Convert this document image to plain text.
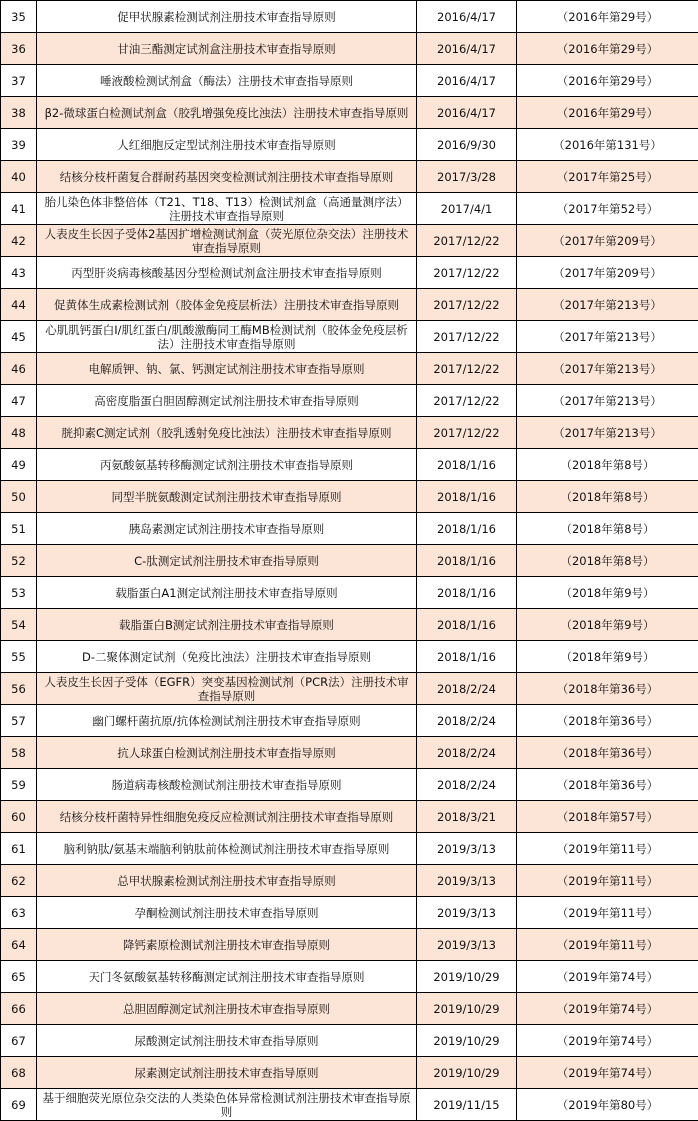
35	促甲状腺素检测试剂注册技术审查指导原则	2016/4/17	（2016年第29号）
36	甘油三酯测定试剂盒注册技术审查指导原则	2016/4/17	（2016年第29号）
37	唾液酸检测试剂盒（酶法）注册技术审查指导原则	2016/4/17	（2016年第29号）
38	β2-微球蛋白检测试剂盒（胶乳增强免疫比浊法）注册技术审查指导原则	2016/4/17	（2016年第29号）
39	人红细胞反定型试剂注册技术审查指导原则	2016/9/30	（2016年第131号）
40	结核分枝杆菌复合群耐药基因突变检测试剂注册技术审查指导原则	2017/3/28	（2017年第25号）
41	胎儿染色体非整倍体（T21、T18、T13）检测试剂盒（高通量测序法）注册技术审查指导原则	2017/4/1	（2017年第52号）
42	人表皮生长因子受体2基因扩增检测试剂盒（荧光原位杂交法）注册技术审查指导原则	2017/12/22	（2017年第209号）
43	丙型肝炎病毒核酸基因分型检测试剂盒注册技术审查指导原则	2017/12/22	（2017年第209号）
44	促黄体生成素检测试剂（胶体金免疫层析法）注册技术审查指导原则	2017/12/22	（2017年第213号）
45	心肌肌钙蛋白I/肌红蛋白/肌酸激酶同工酶MB检测试剂（胶体金免疫层析法）注册技术审查指导原则	2017/12/22	（2017年第213号）
46	电解质钾、钠、氯、钙测定试剂注册技术审查指导原则	2017/12/22	（2017年第213号）
47	高密度脂蛋白胆固醇测定试剂注册技术审查指导原则	2017/12/22	（2017年第213号）
48	胱抑素C测定试剂（胶乳透射免疫比浊法）注册技术审查指导原则	2017/12/22	（2017年第213号）
49	丙氨酸氨基转移酶测定试剂注册技术审查指导原则	2018/1/16	（2018年第8号）
50	同型半胱氨酸测定试剂注册技术审查指导原则	2018/1/16	（2018年第8号）
51	胰岛素测定试剂注册技术审查指导原则	2018/1/16	（2018年第8号）
52	C-肽测定试剂注册技术审查指导原则	2018/1/16	（2018年第8号）
53	载脂蛋白A1测定试剂注册技术审查指导原则	2018/1/16	（2018年第9号）
54	载脂蛋白B测定试剂注册技术审查指导原则	2018/1/16	（2018年第9号）
55	D-二聚体测定试剂（免疫比浊法）注册技术审查指导原则	2018/1/16	（2018年第9号）
56	人表皮生长因子受体（EGFR）突变基因检测试剂（PCR法）注册技术审查指导原则	2018/2/24	（2018年第36号）
57	幽门螺杆菌抗原/抗体检测试剂注册技术审查指导原则	2018/2/24	（2018年第36号）
58	抗人球蛋白检测试剂注册技术审查指导原则	2018/2/24	（2018年第36号）
59	肠道病毒核酸检测试剂注册技术审查指导原则	2018/2/24	（2018年第36号）
60	结核分枝杆菌特异性细胞免疫反应检测试剂注册技术审查指导原则	2018/3/21	（2018年第57号）
61	脑利钠肽/氨基末端脑利钠肽前体检测试剂注册技术审查指导原则	2019/3/13	（2019年第11号）
62	总甲状腺素检测试剂注册技术审查指导原则	2019/3/13	（2019年第11号）
63	孕酮检测试剂注册技术审查指导原则	2019/3/13	（2019年第11号）
64	降钙素原检测试剂注册技术审查指导原则	2019/3/13	（2019年第11号）
65	天门冬氨酸氨基转移酶测定试剂注册技术审查指导原则	2019/10/29	（2019年第74号）
66	总胆固醇测定试剂注册技术审查指导原则	2019/10/29	（2019年第74号）
67	尿酸测定试剂注册技术审查指导原则	2019/10/29	（2019年第74号）
68	尿素测定试剂注册技术审查指导原则	2019/10/29	（2019年第74号）
69	基于细胞荧光原位杂交法的人类染色体异常检测试剂注册技术审查指导原则	2019/11/15	（2019年第80号）
